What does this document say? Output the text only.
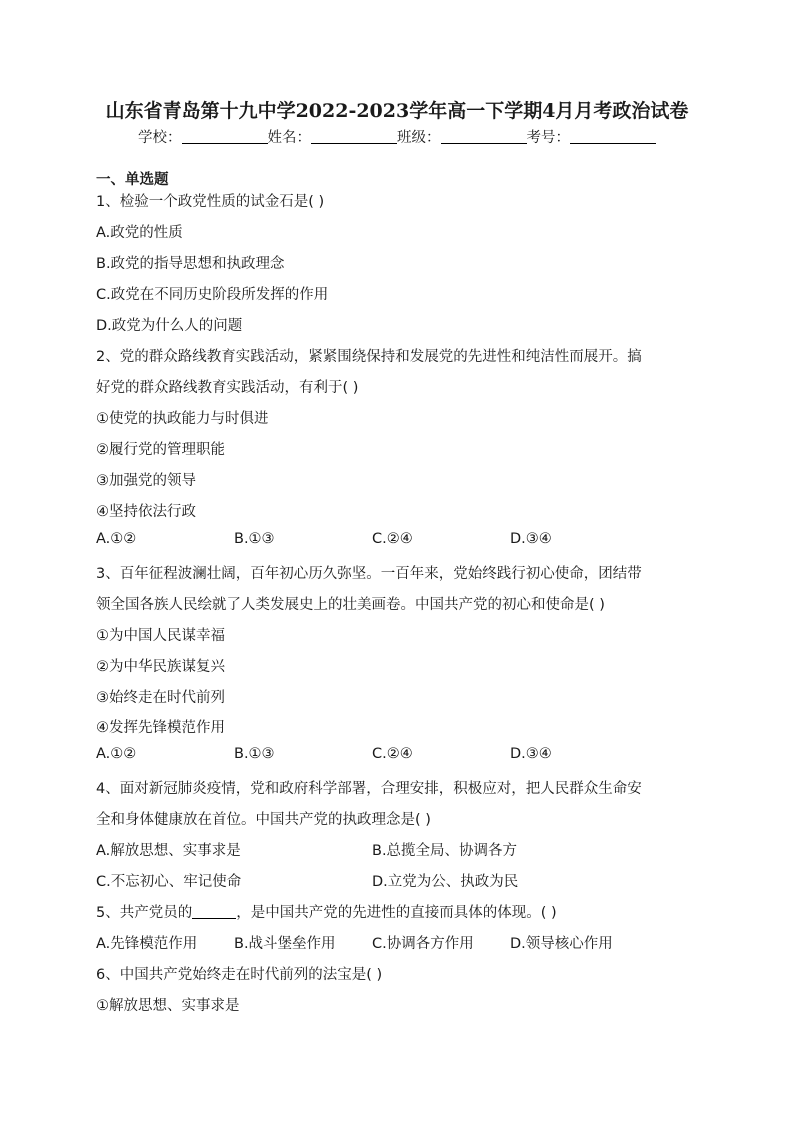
山东省青岛第十九中学2022-2023学年高一下学期4月月考政治试卷
学校：	姓名：	班级：	考号：
一、单选题
1、检验一个政党性质的试金石是( )
A.政党的性质
B.政党的指导思想和执政理念
C.政党在不同历史阶段所发挥的作用
D.政党为什么人的问题
2、党的群众路线教育实践活动，紧紧围绕保持和发展党的先进性和纯洁性而展开。搞
好党的群众路线教育实践活动，有利于( )
①使党的执政能力与时俱进
②履行党的管理职能
③加强党的领导
④坚持依法行政
A.①②	B.①③	C.②④	D.③④
3、百年征程波澜壮阔，百年初心历久弥坚。一百年来，党始终践行初心使命，团结带
领全国各族人民绘就了人类发展史上的壮美画卷。中国共产党的初心和使命是( )
①为中国人民谋幸福
②为中华民族谋复兴
③始终走在时代前列
④发挥先锋模范作用
A.①②	B.①③	C.②④	D.③④
4、面对新冠肺炎疫情，党和政府科学部署，合理安排，积极应对，把人民群众生命安
全和身体健康放在首位。中国共产党的执政理念是( )
A.解放思想、实事求是	B.总揽全局、协调各方
C.不忘初心、牢记使命	D.立党为公、执政为民
5、共产党员的	，是中国共产党的先进性的直接而具体的体现。( )
A.先锋模范作用	B.战斗堡垒作用	C.协调各方作用	D.领导核心作用
6、中国共产党始终走在时代前列的法宝是( )
①解放思想、实事求是
